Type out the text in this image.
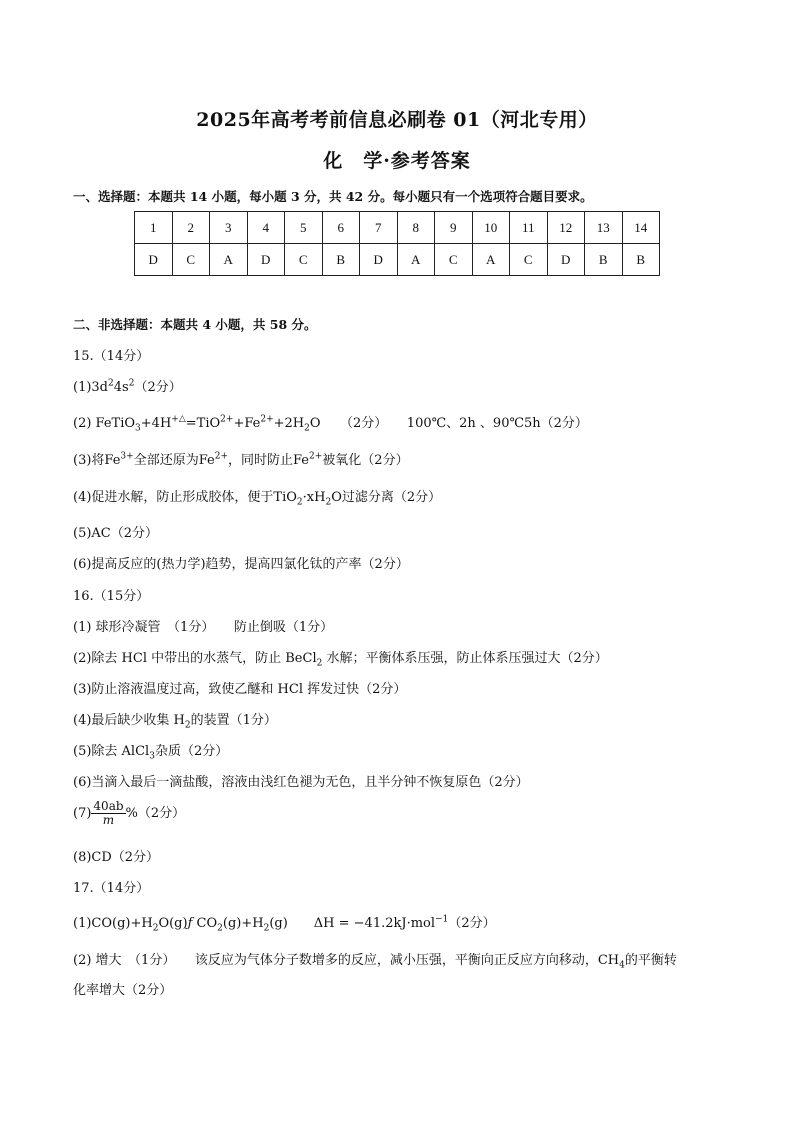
2025年高考考前信息必刷卷 01（河北专用）
化　学·参考答案
一、选择题：本题共 14 小题，每小题 3 分，共 42 分。每小题只有一个选项符合题目要求。
1	2	3	4	5	6	7	8	9	10	11	12	13	14
D	C	A	D	C	B	D	A	C	A	C	D	B	B
二、非选择题：本题共 4 小题，共 58 分。
15.（14分）
$(1)3d^24s^2(2$分）
(2) $FeTiO_3+4H^{+\triangle}=TiO^{2+}+Fe^{2+}+2H_2O$　　（2分）　　100℃、2h 、90℃5h（2分）
(3)将$Fe^{3+}$全部还原为$Fe^{2+}$，同时防止$Fe^{2+}$被氧化（2分）
(4)促进水解，防止形成胶体，便于$TiO_2\cdot xH_2O$过滤分离（2分）
(5)AC（2分）
(6)提高反应的(热力学)趋势，提高四氯化钛的产率（2分）
16.（15分）
(1) 球形冷凝管　（1分）　　防止倒吸（1分）
(2)除去 HCl 中带出的水蒸气，防止 BeCl$_2$ 水解；平衡体系压强，防止体系压强过大（2分）
(3)防止溶液温度过高，致使乙醚和 HCl 挥发过快（2分）
(4)最后缺少收集 $H_2$的装置（1分）
(5)除去 AlCl$_3$杂质（2分）
(6)当滴入最后一滴盐酸，溶液由浅红色褪为无色，且半分钟不恢复原色（2分）
$(7) \frac{40ab}{m} \%(2$分）
(8)CD（2分）
17.（14分）
$(1)CO(g)+H_2O(g)ƒ$ $CO_2(g)+H_2(g)$　　ΔH = −41.2kJ·mol$^{-1}$（2分）
(2) 增大　（1分）　　该反应为气体分子数增多的反应，减小压强，平衡向正反应方向移动，$CH_4$的平衡转
化率增大（2分）
